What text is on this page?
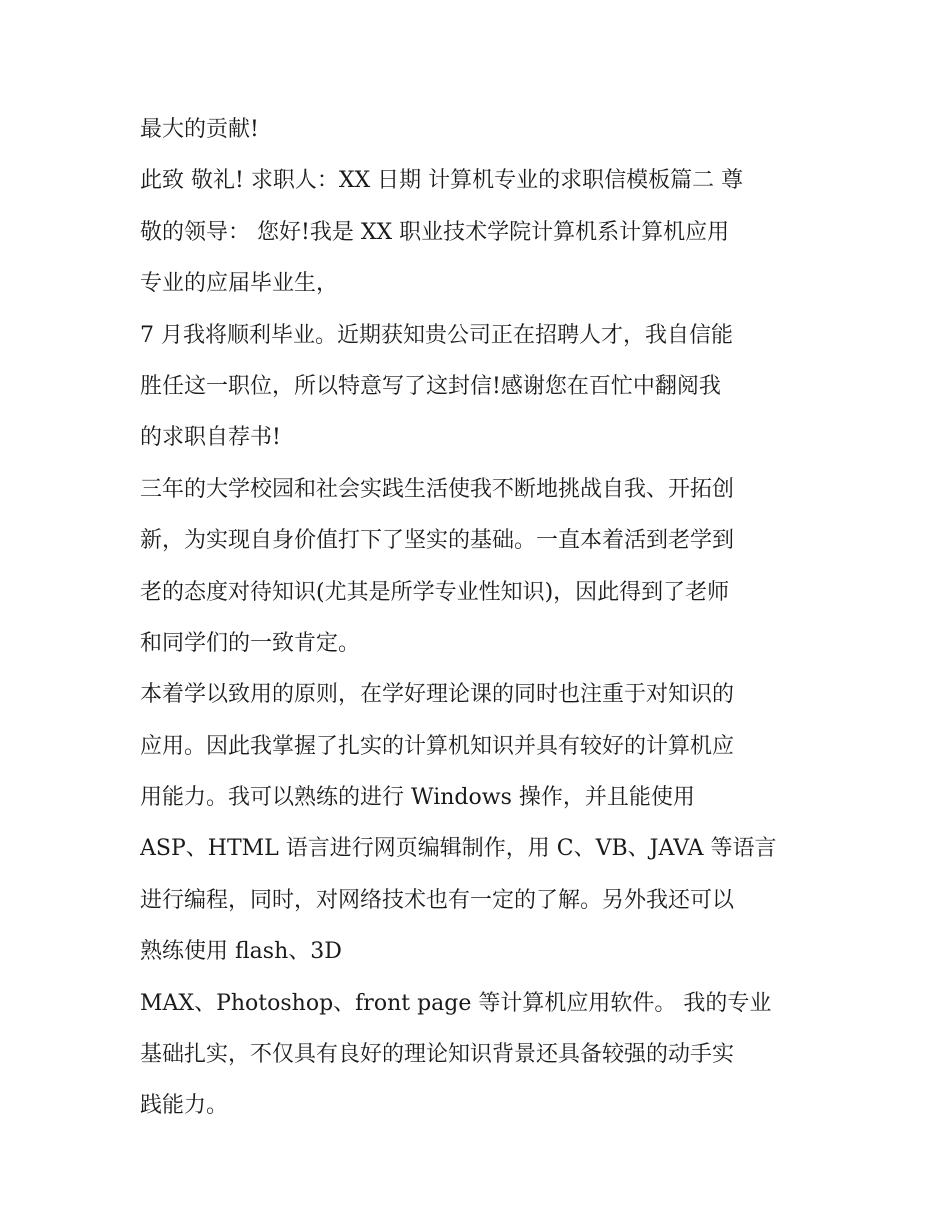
最大的贡献!
此致 敬礼! 求职人：XX 日期 计算机专业的求职信模板篇二 尊
敬的领导： 您好!我是 XX 职业技术学院计算机系计算机应用
专业的应届毕业生，
7 月我将顺利毕业。近期获知贵公司正在招聘人才，我自信能
胜任这一职位，所以特意写了这封信!感谢您在百忙中翻阅我
的求职自荐书!
三年的大学校园和社会实践生活使我不断地挑战自我、开拓创
新，为实现自身价值打下了坚实的基础。一直本着活到老学到
老的态度对待知识(尤其是所学专业性知识)，因此得到了老师
和同学们的一致肯定。
本着学以致用的原则，在学好理论课的同时也注重于对知识的
应用。因此我掌握了扎实的计算机知识并具有较好的计算机应
用能力。我可以熟练的进行 Windows 操作，并且能使用
ASP、HTML 语言进行网页编辑制作，用 C、VB、JAVA 等语言
进行编程，同时，对网络技术也有一定的了解。另外我还可以
熟练使用 flash、3D
MAX、Photoshop、front page 等计算机应用软件。 我的专业
基础扎实，不仅具有良好的理论知识背景还具备较强的动手实
践能力。
